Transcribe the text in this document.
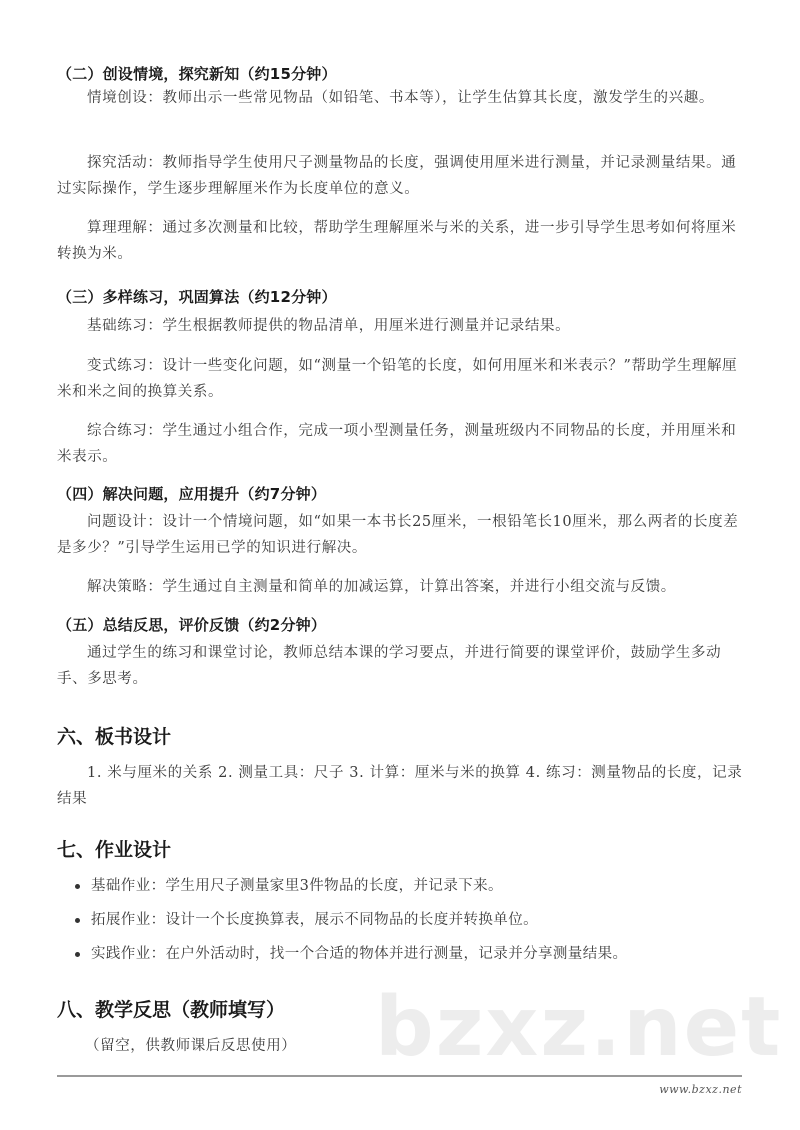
（二）创设情境，探究新知（约15分钟）

情境创设：教师出示一些常见物品（如铅笔、书本等），让学生估算其长度，激发学生的兴趣。

探究活动：教师指导学生使用尺子测量物品的长度，强调使用厘米进行测量，并记录测量结果。通过实际操作，学生逐步理解厘米作为长度单位的意义。

算理理解：通过多次测量和比较，帮助学生理解厘米与米的关系，进一步引导学生思考如何将厘米转换为米。

（三）多样练习，巩固算法（约12分钟）

基础练习：学生根据教师提供的物品清单，用厘米进行测量并记录结果。

变式练习：设计一些变化问题，如“测量一个铅笔的长度，如何用厘米和米表示？”帮助学生理解厘米和米之间的换算关系。

综合练习：学生通过小组合作，完成一项小型测量任务，测量班级内不同物品的长度，并用厘米和米表示。

（四）解决问题，应用提升（约7分钟）

问题设计：设计一个情境问题，如“如果一本书长25厘米，一根铅笔长10厘米，那么两者的长度差是多少？”引导学生运用已学的知识进行解决。

解决策略：学生通过自主测量和简单的加减运算，计算出答案，并进行小组交流与反馈。

（五）总结反思，评价反馈（约2分钟）

通过学生的练习和课堂讨论，教师总结本课的学习要点，并进行简要的课堂评价，鼓励学生多动手、多思考。

六、板书设计

1. 米与厘米的关系 2. 测量工具：尺子 3. 计算：厘米与米的换算 4. 练习：测量物品的长度，记录结果

七、作业设计
基础作业：学生用尺子测量家里3件物品的长度，并记录下来。
拓展作业：设计一个长度换算表，展示不同物品的长度并转换单位。
实践作业：在户外活动时，找一个合适的物体并进行测量，记录并分享测量结果。
bzxz.net
八、教学反思（教师填写）

（留空，供教师课后反思使用）

www.bzxz.net
